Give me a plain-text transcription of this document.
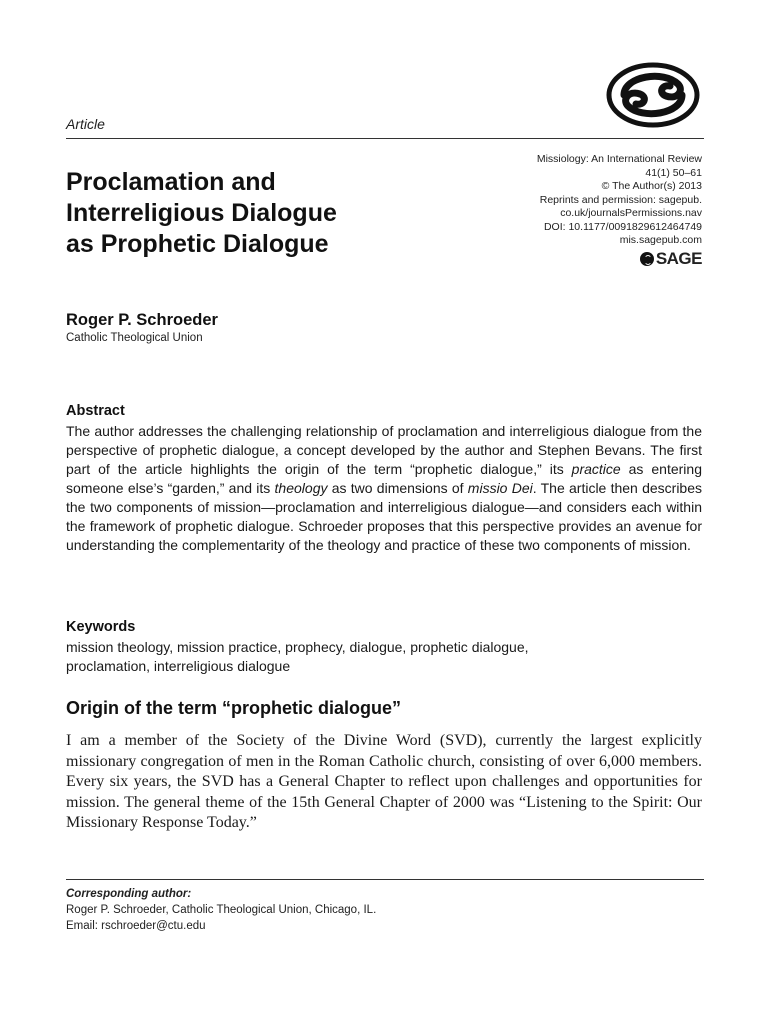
Article
Proclamation and
Interreligious Dialogue
as Prophetic Dialogue
Missiology: An International Review
41(1) 50–61
© The Author(s) 2013
Reprints and permission: sagepub.
co.uk/journalsPermissions.nav
DOI: 10.1177/0091829612464749
mis.sagepub.com
SAGE
Roger P. Schroeder
Catholic Theological Union
Abstract
The author addresses the challenging relationship of proclamation and interreligious dialogue from the perspective of prophetic dialogue, a concept developed by the author and Stephen Bevans. The first part of the article highlights the origin of the term “prophetic dialogue,” its practice as entering someone else’s “garden,” and its theology as two dimensions of missio Dei. The article then describes the two components of mission—proclamation and interreligious dialogue—and considers each within the framework of prophetic dialogue. Schroeder proposes that this perspective provides an avenue for understanding the complementarity of the theology and practice of these two components of mission.
Keywords
mission theology, mission practice, prophecy, dialogue, prophetic dialogue,
proclamation, interreligious dialogue
Origin of the term “prophetic dialogue”
I am a member of the Society of the Divine Word (SVD), currently the largest explicitly missionary congregation of men in the Roman Catholic church, consisting of over 6,000 members. Every six years, the SVD has a General Chapter to reflect upon challenges and opportunities for mission. The general theme of the 15th General Chapter of 2000 was “Listening to the Spirit: Our Missionary Response Today.”
Corresponding author:
Roger P. Schroeder, Catholic Theological Union, Chicago, IL.
Email: rschroeder@ctu.edu
